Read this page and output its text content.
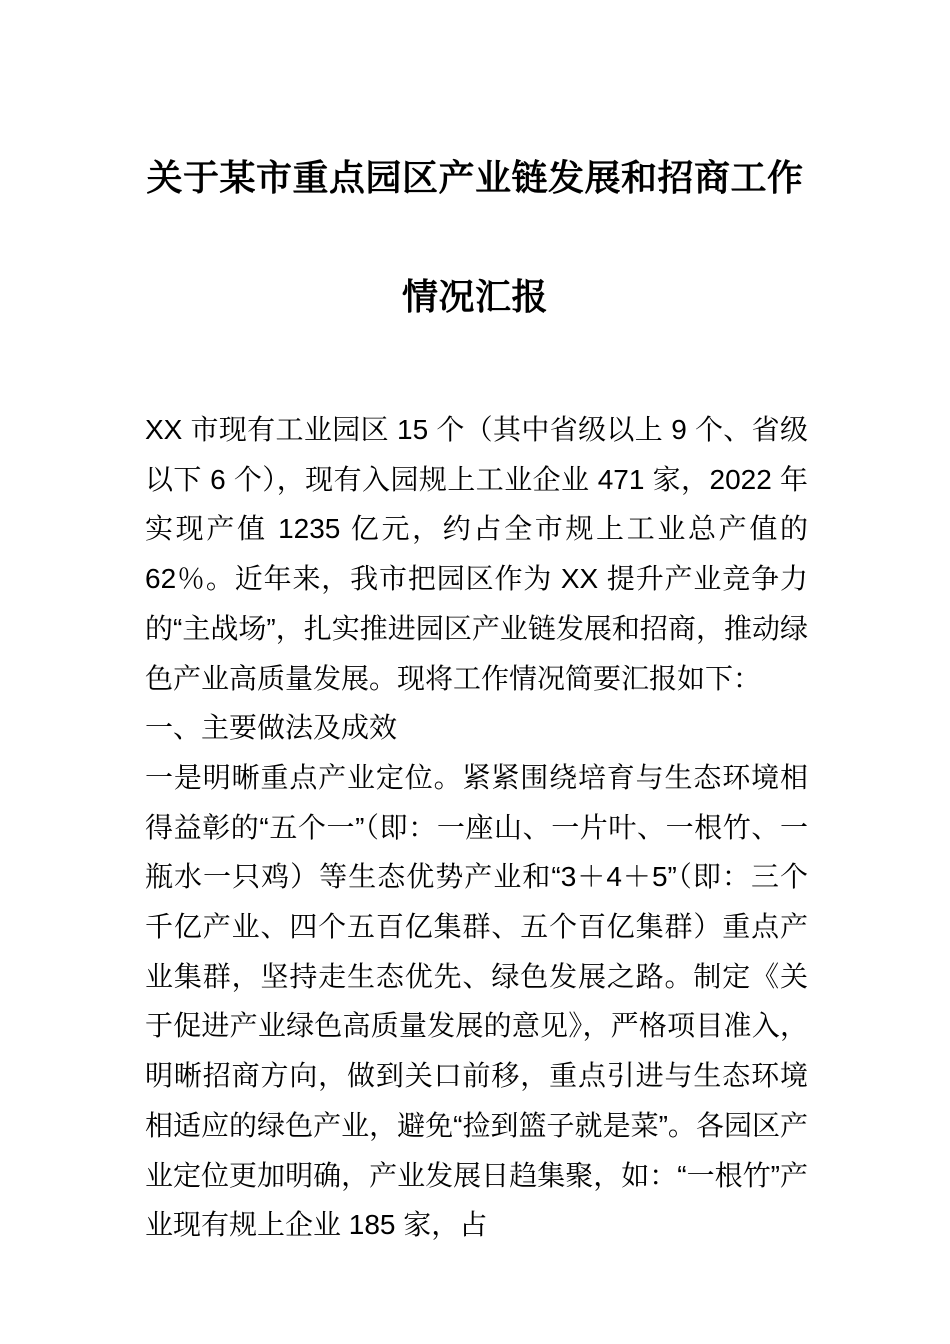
关于某市重点园区产业链发展和招商工作
情况汇报

XX 市现有工业园区 15 个（其中省级以上 9 个、省级以下 6 个），现有入园规上工业企业 471 家，2022 年实现产值 1235 亿元，约占全市规上工业总产值的 62％。近年来，我市把园区作为 XX 提升产业竞争力的“主战场”，扎实推进园区产业链发展和招商，推动绿色产业高质量发展。现将工作情况简要汇报如下：

一、主要做法及成效

一是明晰重点产业定位。紧紧围绕培育与生态环境相得益彰的“五个一”（即：一座山、一片叶、一根竹、一瓶水一只鸡）等生态优势产业和“3＋4＋5”（即：三个千亿产业、四个五百亿集群、五个百亿集群）重点产业集群，坚持走生态优先、绿色发展之路。制定《关于促进产业绿色高质量发展的意见》，严格项目准入，明晰招商方向，做到关口前移，重点引进与生态环境相适应的绿色产业，避免“捡到篮子就是菜”。各园区产业定位更加明确，产业发展日趋集聚，如：“一根竹”产业现有规上企业 185 家，占
